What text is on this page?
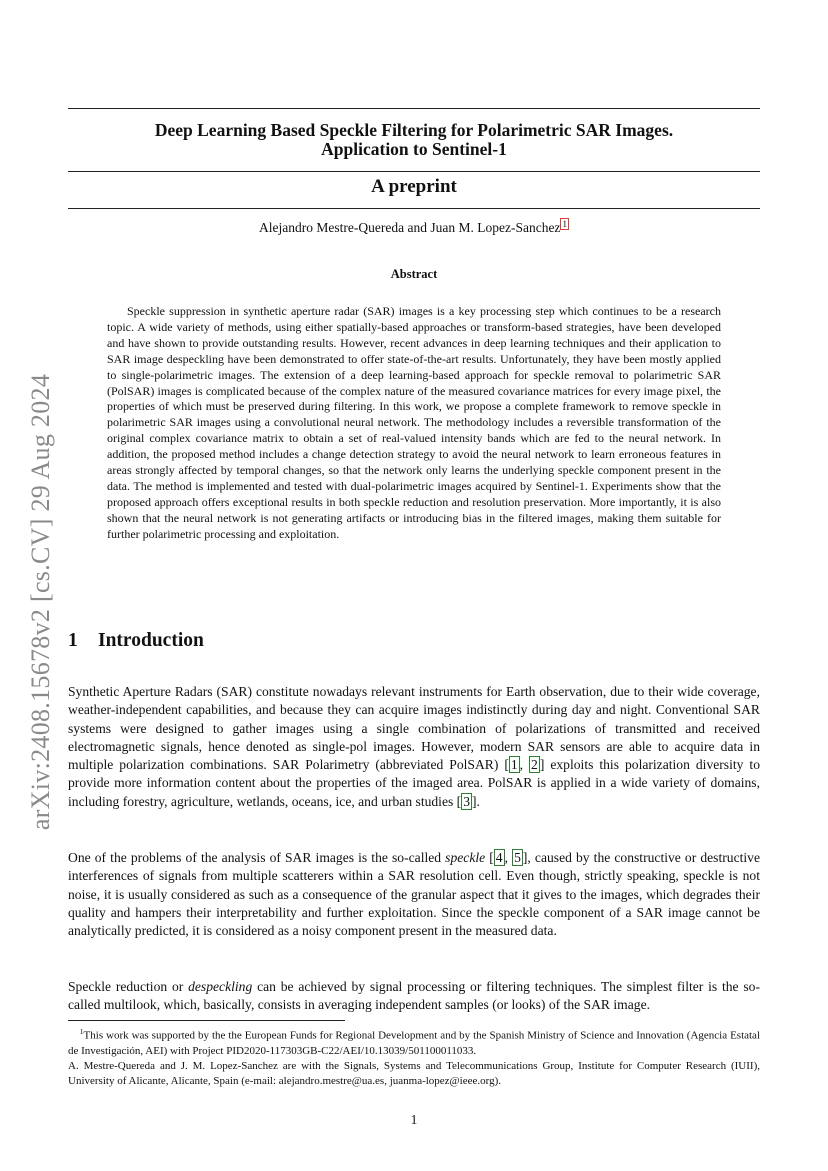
arXiv:2408.15678v2 [cs.CV] 29 Aug 2024
Deep Learning Based Speckle Filtering for Polarimetric SAR Images.
Application to Sentinel-1
A preprint
Alejandro Mestre-Quereda and Juan M. Lopez-Sanchez $^1$
Abstract
Speckle suppression in synthetic aperture radar (SAR) images is a key processing step which continues to be a research topic. A wide variety of methods, using either spatially-based approaches or transform-based strategies, have been developed and have shown to provide outstanding results. However, recent advances in deep learning techniques and their application to SAR image despeckling have been demonstrated to offer state-of-the-art results. Unfortunately, they have been mostly applied to single-polarimetric images. The extension of a deep learning-based approach for speckle removal to polarimetric SAR (PolSAR) images is complicated because of the complex nature of the measured covariance matrices for every image pixel, the properties of which must be preserved during filtering. In this work, we propose a complete framework to remove speckle in polarimetric SAR images using a convolutional neural network. The methodology includes a reversible transformation of the original complex covariance matrix to obtain a set of real-valued intensity bands which are fed to the neural network. In addition, the proposed method includes a change detection strategy to avoid the neural network to learn erroneous features in areas strongly affected by temporal changes, so that the network only learns the underlying speckle component present in the data. The method is implemented and tested with dual-polarimetric images acquired by Sentinel-1. Experiments show that the proposed approach offers exceptional results in both speckle reduction and resolution preservation. More importantly, it is also shown that the neural network is not generating artifacts or introducing bias in the filtered images, making them suitable for further polarimetric processing and exploitation.
1 Introduction
Synthetic Aperture Radars (SAR) constitute nowadays relevant instruments for Earth observation, due to their wide coverage, weather-independent capabilities, and because they can acquire images indistinctly during day and night. Conventional SAR systems were designed to gather images using a single combination of polarizations of transmitted and received electromagnetic signals, hence denoted as single-pol images. However, modern SAR sensors are able to acquire data in multiple polarization combinations. SAR Polarimetry (abbreviated PolSAR) [ 1 , 2 ] exploits this polarization diversity to provide more information content about the properties of the imaged area. PolSAR is applied in a wide variety of domains, including forestry, agriculture, wetlands, oceans, ice, and urban studies [ 3 ].
One of the problems of the analysis of SAR images is the so-called speckle [ 4 , 5 ], caused by the constructive or destructive interferences of signals from multiple scatterers within a SAR resolution cell. Even though, strictly speaking, speckle is not noise, it is usually considered as such as a consequence of the granular aspect that it gives to the images, which degrades their quality and hampers their interpretability and further exploitation. Since the speckle component of a SAR image cannot be analytically predicted, it is considered as a noisy component present in the measured data.
Speckle reduction or despeckling can be achieved by signal processing or filtering techniques. The simplest filter is the so-called multilook, which, basically, consists in averaging independent samples (or looks) of the SAR image.
$^1$This work was supported by the the European Funds for Regional Development and by the Spanish Ministry of Science and Innovation (Agencia Estatal de Investigación, AEI) with Project PID2020-117303GB-C22/AEI/10.13039/501100011033.
A. Mestre-Quereda and J. M. Lopez-Sanchez are with the Signals, Systems and Telecommunications Group, Institute for Computer Research (IUII), University of Alicante, Alicante, Spain (e-mail: alejandro.mestre@ua.es, juanma-lopez@ieee.org).
1
